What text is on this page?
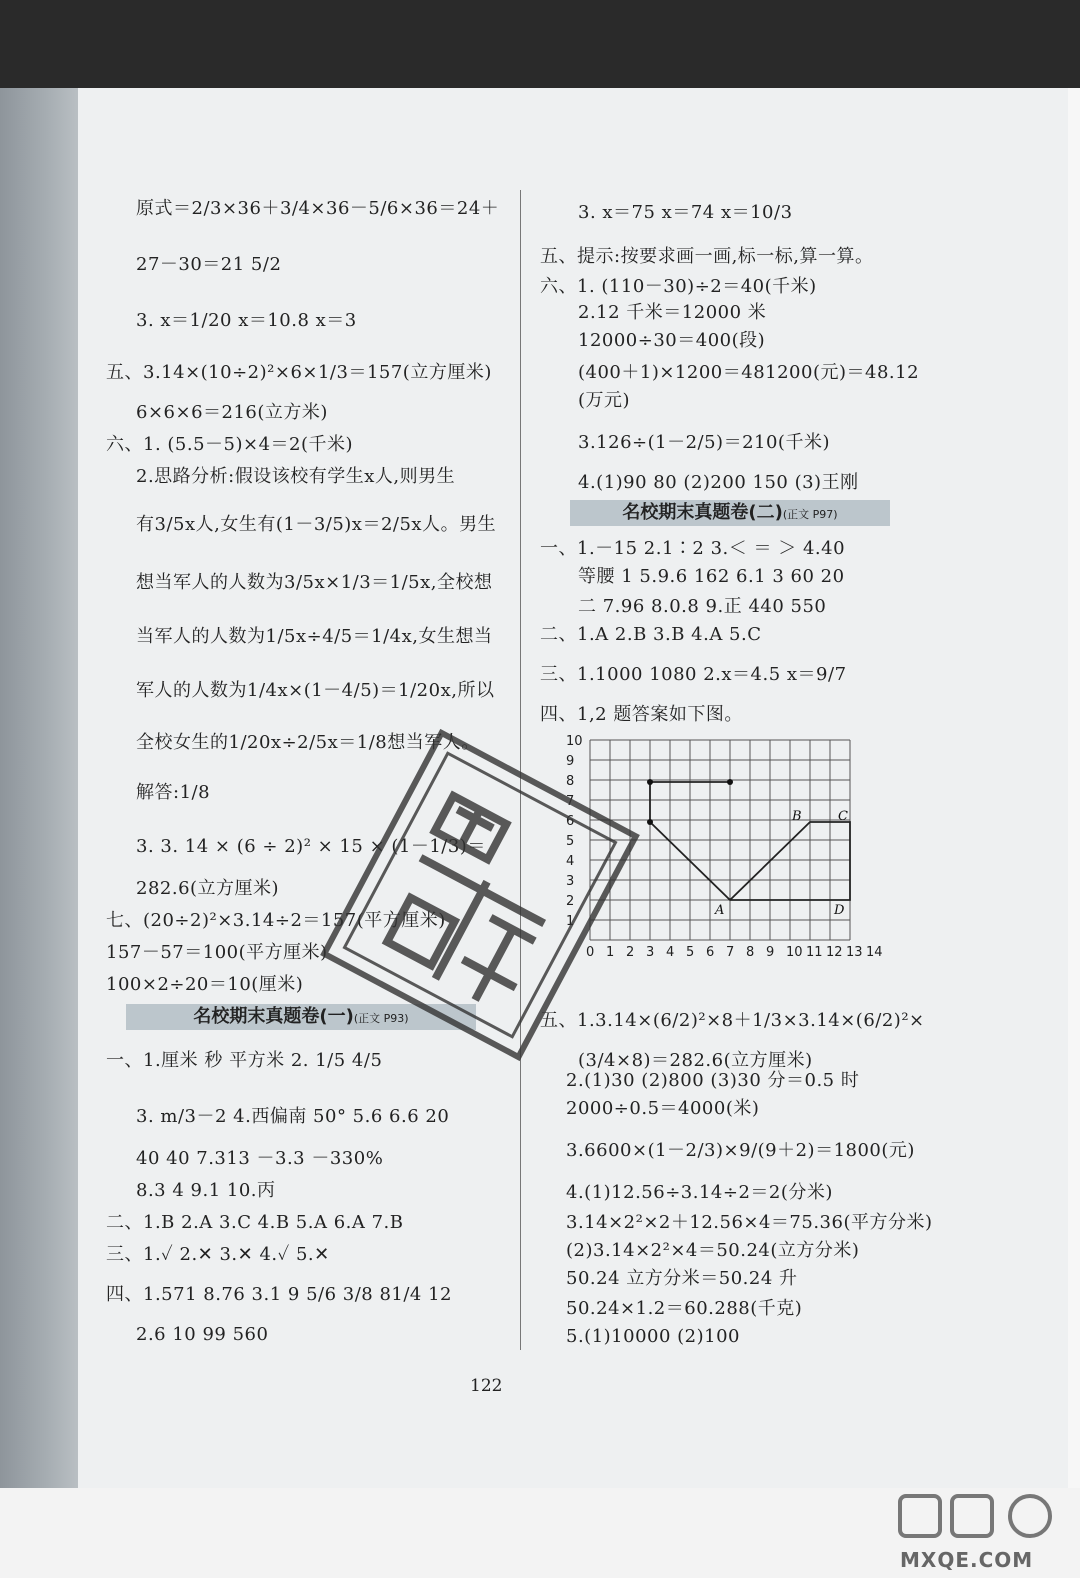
原式＝2/3×36＋3/4×36－5/6×36＝24＋
27－30＝21 5/2
3. x＝1/20 x＝10.8 x＝3
五、3.14×(10÷2)²×6×1/3＝157(立方厘米)
6×6×6＝216(立方米)
六、1. (5.5－5)×4＝2(千米)
2.思路分析:假设该校有学生x人,则男生
有3/5x人,女生有(1－3/5)x＝2/5x人。男生
想当军人的人数为3/5x×1/3＝1/5x,全校想
当军人的人数为1/5x÷4/5＝1/4x,女生想当
军人的人数为1/4x×(1－4/5)＝1/20x,所以
全校女生的1/20x÷2/5x＝1/8想当军人。
解答:1/8
3. 3. 14 × (6 ÷ 2)² × 15 × (1－1/3)＝
282.6(立方厘米)
七、(20÷2)²×3.14÷2＝157(平方厘米)
157－57＝100(平方厘米)
100×2÷20＝10(厘米)
名校期末真题卷(一)(正文 P93)
一、1.厘米 秒 平方米 2. 1/5 4/5
3. m/3－2 4.西偏南 50° 5.6 6.6 20
40 40 7.313 －3.3 －330%
8.3 4 9.1 10.丙
二、1.B 2.A 3.C 4.B 5.A 6.A 7.B
三、1.✓ 2.✕ 3.✕ 4.✓ 5.✕
四、1.571 8.76 3.1 9 5/6 3/8 81/4 12
2.6 10 99 560
3. x＝75 x＝74 x＝10/3
五、提示:按要求画一画,标一标,算一算。
六、1. (110－30)÷2＝40(千米)
2.12 千米＝12000 米
12000÷30＝400(段)
(400＋1)×1200＝481200(元)＝48.12
(万元)
3.126÷(1－2/5)＝210(千米)
4.(1)90 80 (2)200 150 (3)王刚
名校期末真题卷(二)(正文 P97)
一、1.－15 2.1∶2 3.＜ ＝ ＞ 4.40
等腰 1 5.9.6 162 6.1 3 60 20
二 7.96 8.0.8 9.正 440 550
二、1.A 2.B 3.B 4.A 5.C
三、1.1000 1080 2.x＝4.5 x＝9/7
四、1,2 题答案如下图。
0 1 2 3 4 5 6 7 8 9 10 11 12 13 14
1
2
3
4
5
6
7
8
9
10
A
B	C
D
五、1.3.14×(6/2)²×8＋1/3×3.14×(6/2)²×
(3/4×8)＝282.6(立方厘米)
2.(1)30 (2)800 (3)30 分＝0.5 时
2000÷0.5＝4000(米)
3.6600×(1－2/3)×9/(9＋2)＝1800(元)
4.(1)12.56÷3.14÷2＝2(分米)
3.14×2²×2＋12.56×4＝75.36(平方分米)
(2)3.14×2²×4＝50.24(立方分米)
50.24 立方分米＝50.24 升
50.24×1.2＝60.288(千克)
5.(1)10000 (2)100
122
MXQE.COM
